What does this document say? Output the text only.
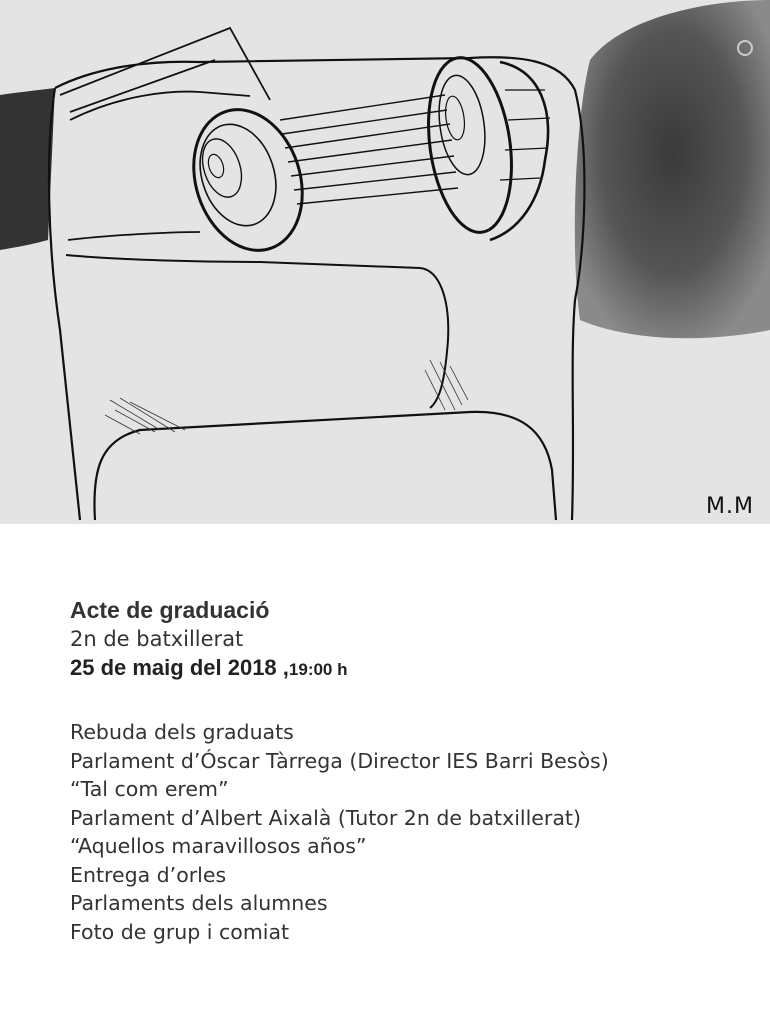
M.M

Acte de graduació

2n de batxillerat

25 de maig del 2018 ,19:00 h

Rebuda dels graduats
Parlament d’Óscar Tàrrega (Director IES Barri Besòs)
“Tal com erem”
Parlament d’Albert Aixalà (Tutor 2n de batxillerat)
“Aquellos maravillosos años”
Entrega d’orles
Parlaments dels alumnes
Foto de grup i comiat
